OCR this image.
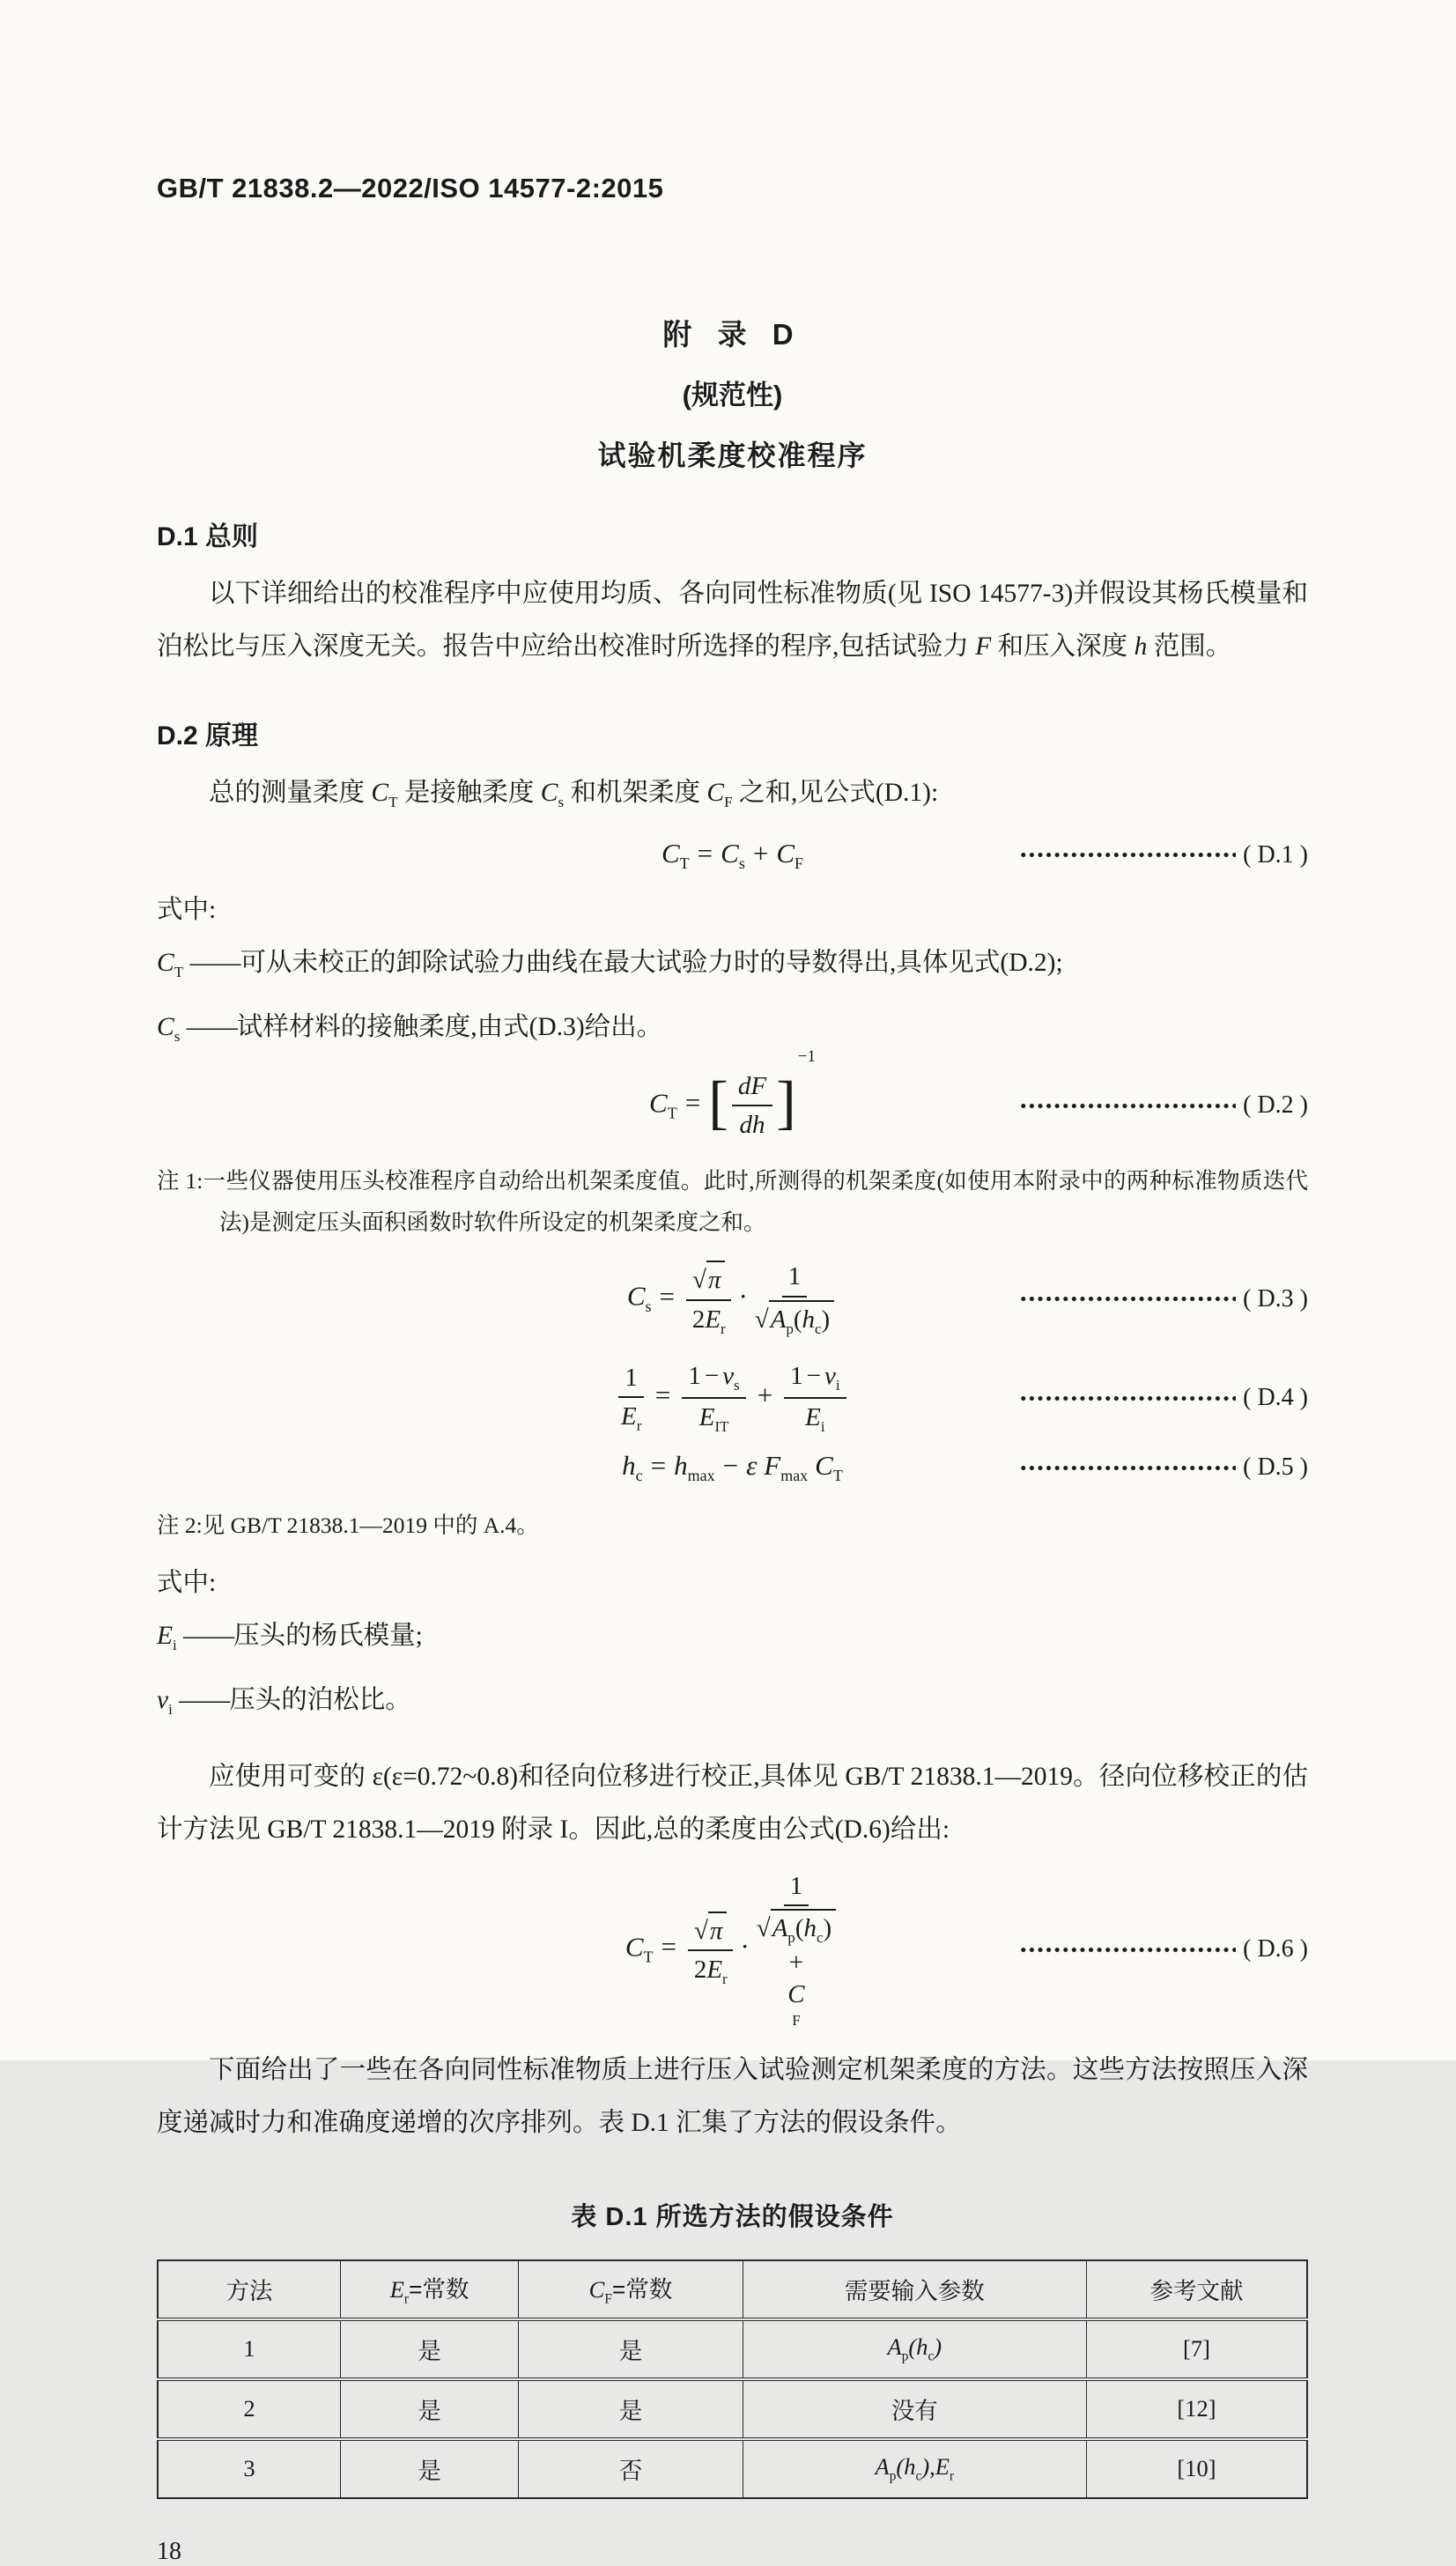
GB/T 21838.2—2022/ISO 14577-2:2015
附 录 D
(规范性)
试验机柔度校准程序
D.1 总则

以下详细给出的校准程序中应使用均质、各向同性标准物质(见 ISO 14577-3)并假设其杨氏模量和泊松比与压入深度无关。报告中应给出校准时所选择的程序,包括试验力 F 和压入深度 h 范围。

D.2 原理

总的测量柔度 $C_T$ 是接触柔度 $C_s$ 和机架柔度 $C_F$ 之和,见公式(D.1):

$C_T = C_s + C_F$	( D.1 )
式中:
$C_T$ ——可从未校正的卸除试验力曲线在最大试验力时的导数得出,具体见式(D.2);
$C_s$ ——试样材料的接触柔度,由式(D.3)给出。
$C_T$ = [ $\frac{dF}{dh} ]-1$
( D.2 )
注 1:一些仪器使用压头校准程序自动给出机架柔度值。此时,所测得的机架柔度(如使用本附录中的两种标准物质迭代法)是测定压头面积函数时软件所设定的机架柔度之和。
$C_s = \frac{√\pi}{2E_r} \cdot \frac{1}{√A_p(h_c)}$	( D.3 )
$\frac{1}{E_r} = \frac{1 - \nu_s}{E_{IT}} + \frac{1 - \nu_i}{E_i}$	( D.4 )
$h_c = h_{max} - \varepsilon$ $F_{max}$ $C_T$	( D.5 )
注 2:见 GB/T 21838.1—2019 中的 A.4。
式中:
$E_i$ ——压头的杨氏模量;
$\nu_i$ ——压头的泊松比。

应使用可变的 ε(ε=0.72~0.8)和径向位移进行校正,具体见 GB/T 21838.1—2019。径向位移校正的估计方法见 GB/T 21838.1—2019 附录 I。因此,总的柔度由公式(D.6)给出:

$C_T = \frac{√\pi}{2E_r}$ ·
1
$√A_p(h_c)$
+
C
F
( D.6 )

下面给出了一些在各向同性标准物质上进行压入试验测定机架柔度的方法。这些方法按照压入深度递减时力和准确度递增的次序排列。表 D.1 汇集了方法的假设条件。

表 D.1 所选方法的假设条件
方法	$E_r=$常数	$C_F=$常数	需要输入参数	参考文献
1	是	是	$A_p(h_c)$	[7]
2	是	是	没有	[12]
3	是	否	$A_p(h_c),E_r$	[10]
18
